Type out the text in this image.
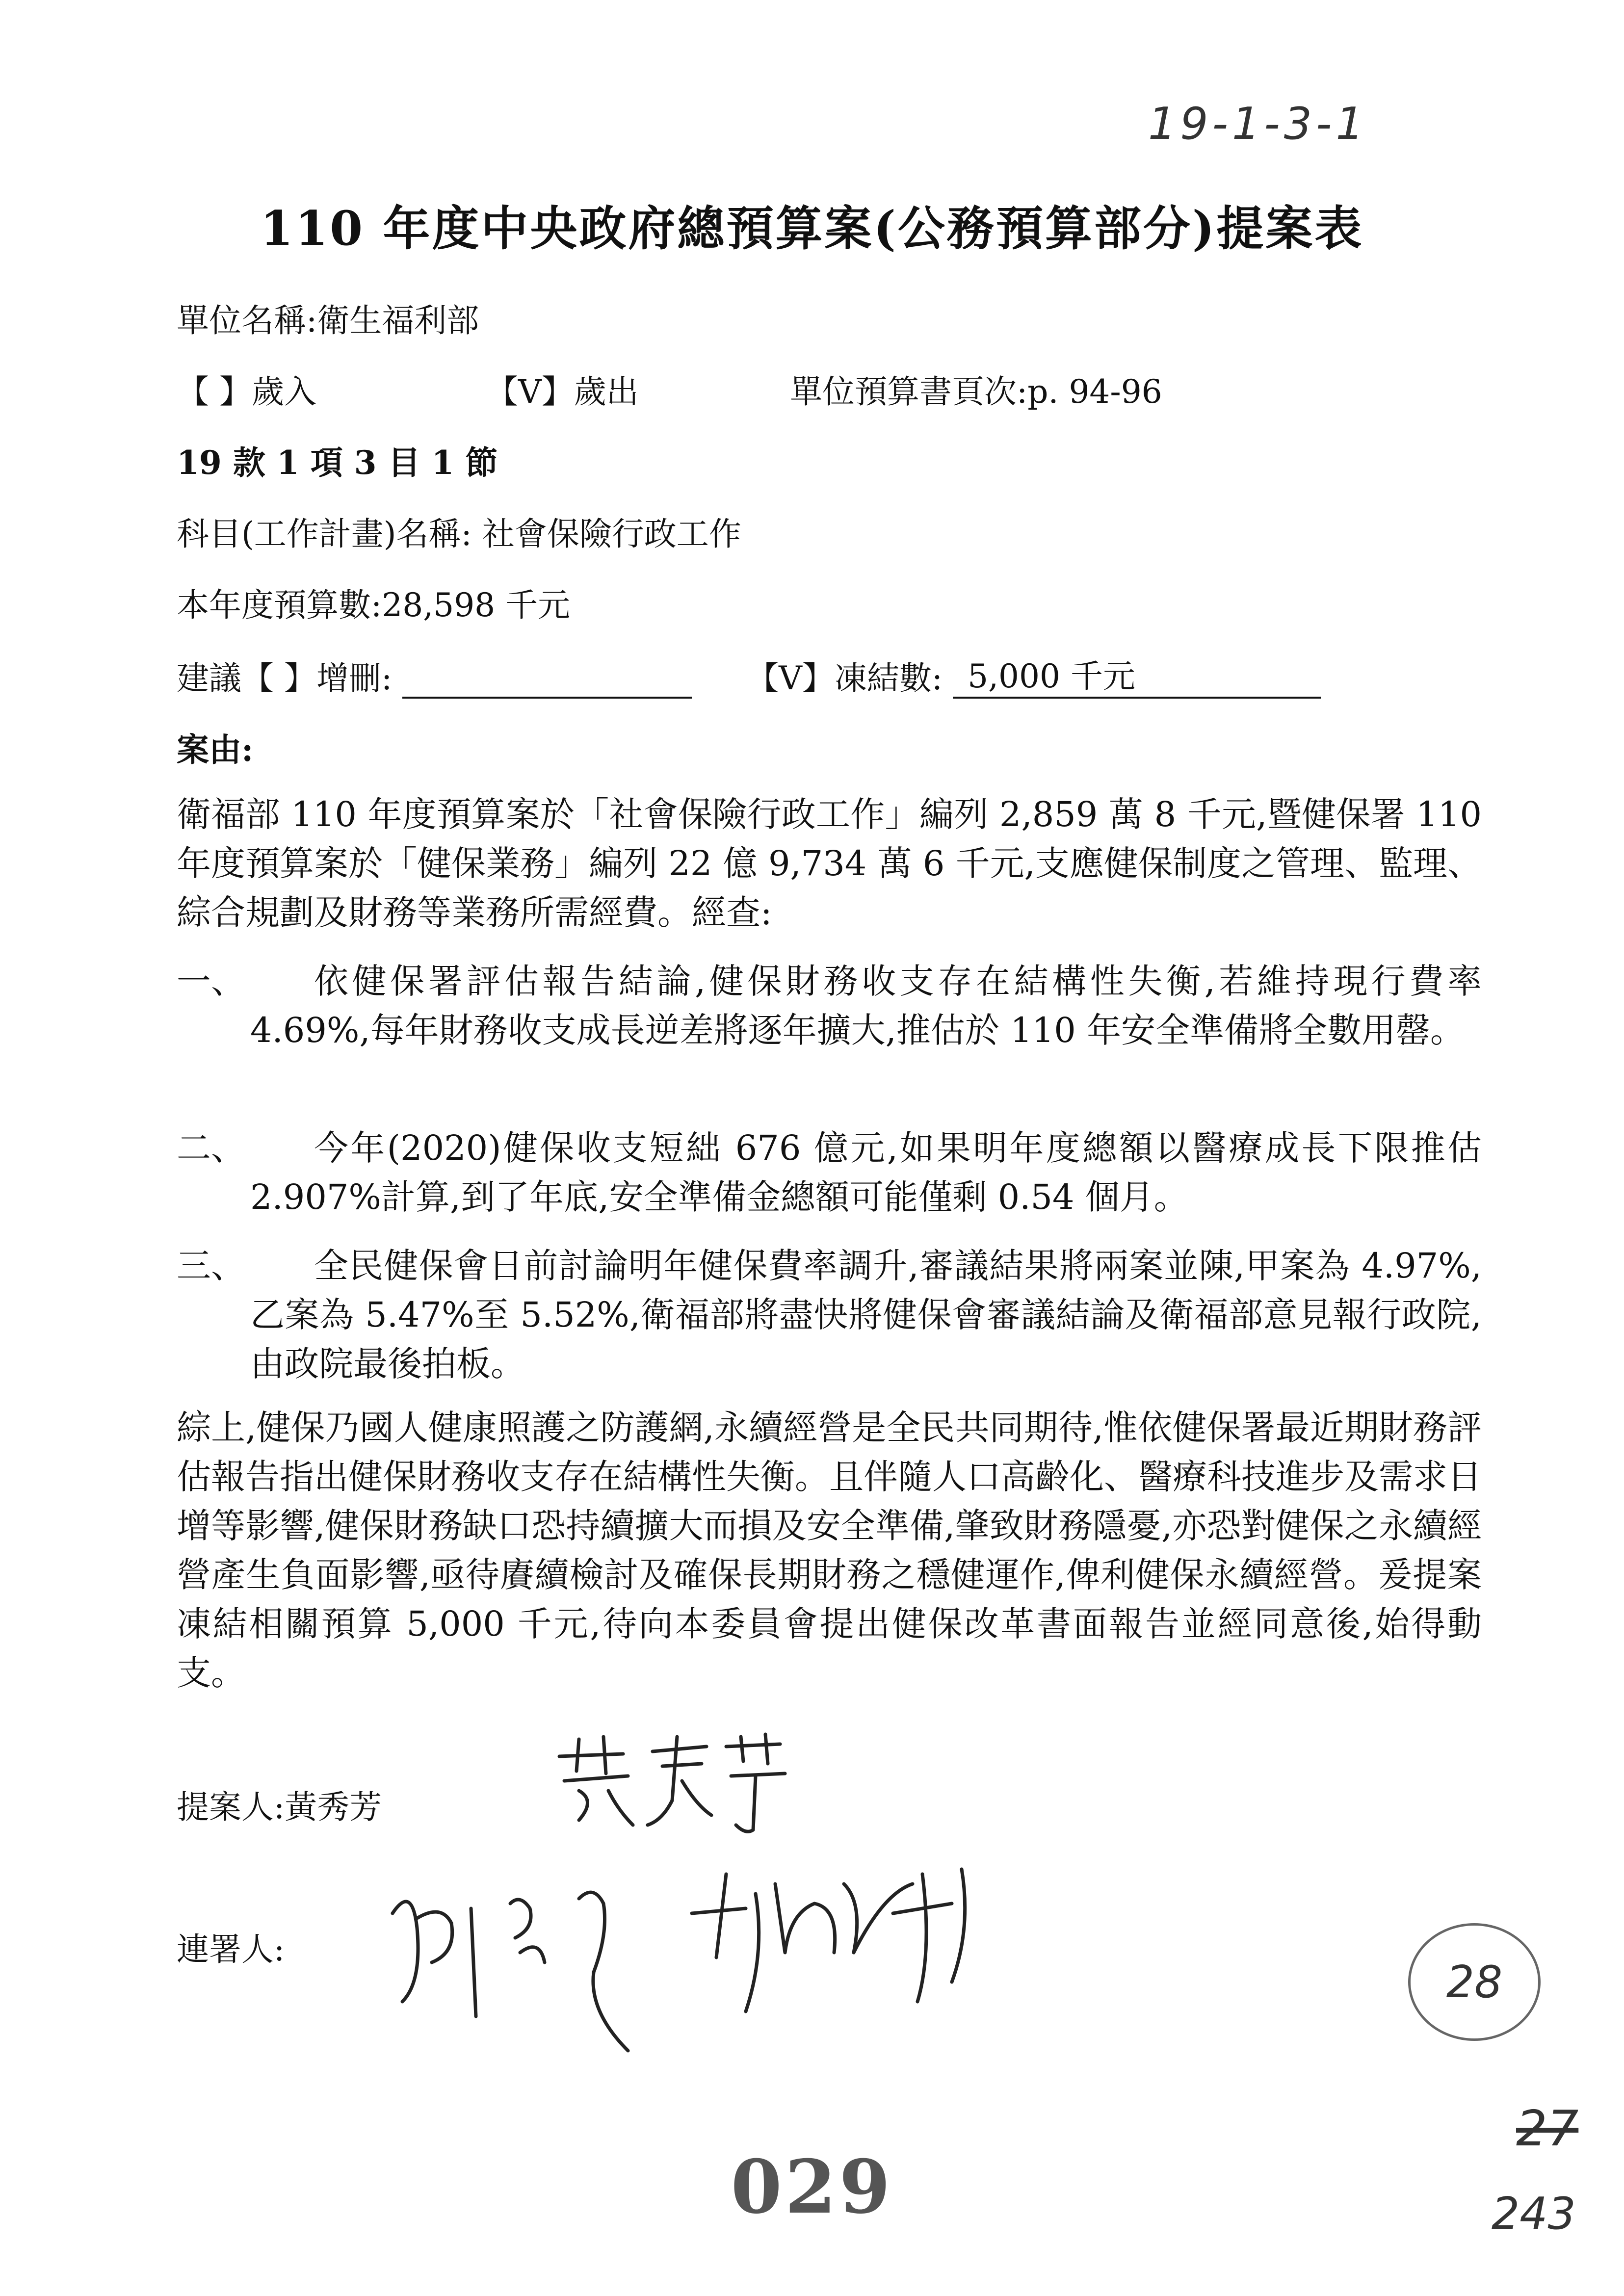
19-1-3-1
110 年度中央政府總預算案(公務預算部分)提案表
單位名稱:衛生福利部
【 】歲入	【V】歲出	單位預算書頁次:p. 94-96
19 款 1 項 3 目 1 節
科目(工作計畫)名稱: 社會保險行政工作
本年度預算數:28,598 千元
建議【 】增刪:	【V】凍結數: 5,000 千元
案由:
衛福部 110 年度預算案於「社會保險行政工作」編列 2,859 萬 8 千元,暨健保署 110 年度預算案於「健保業務」編列 22 億 9,734 萬 6 千元,支應健保制度之管理、監理、綜合規劃及財務等業務所需經費。經查:
一、	依健保署評估報告結論,健保財務收支存在結構性失衡,若維持現行費率 4.69%,每年財務收支成長逆差將逐年擴大,推估於 110 年安全準備將全數用罄。
二、	今年(2020)健保收支短絀 676 億元,如果明年度總額以醫療成長下限推估 2.907%計算,到了年底,安全準備金總額可能僅剩 0.54 個月。
三、	全民健保會日前討論明年健保費率調升,審議結果將兩案並陳,甲案為 4.97%,乙案為 5.47%至 5.52%,衛福部將盡快將健保會審議結論及衛福部意見報行政院,由政院最後拍板。
綜上,健保乃國人健康照護之防護網,永續經營是全民共同期待,惟依健保署最近期財務評估報告指出健保財務收支存在結構性失衡。且伴隨人口高齡化、醫療科技進步及需求日增等影響,健保財務缺口恐持續擴大而損及安全準備,肇致財務隱憂,亦恐對健保之永續經營產生負面影響,亟待賡續檢討及確保長期財務之穩健運作,俾利健保永續經營。爰提案凍結相關預算 5,000 千元,待向本委員會提出健保改革書面報告並經同意後,始得動支。
提案人:黃秀芳
連署人:
28
27
243
029
